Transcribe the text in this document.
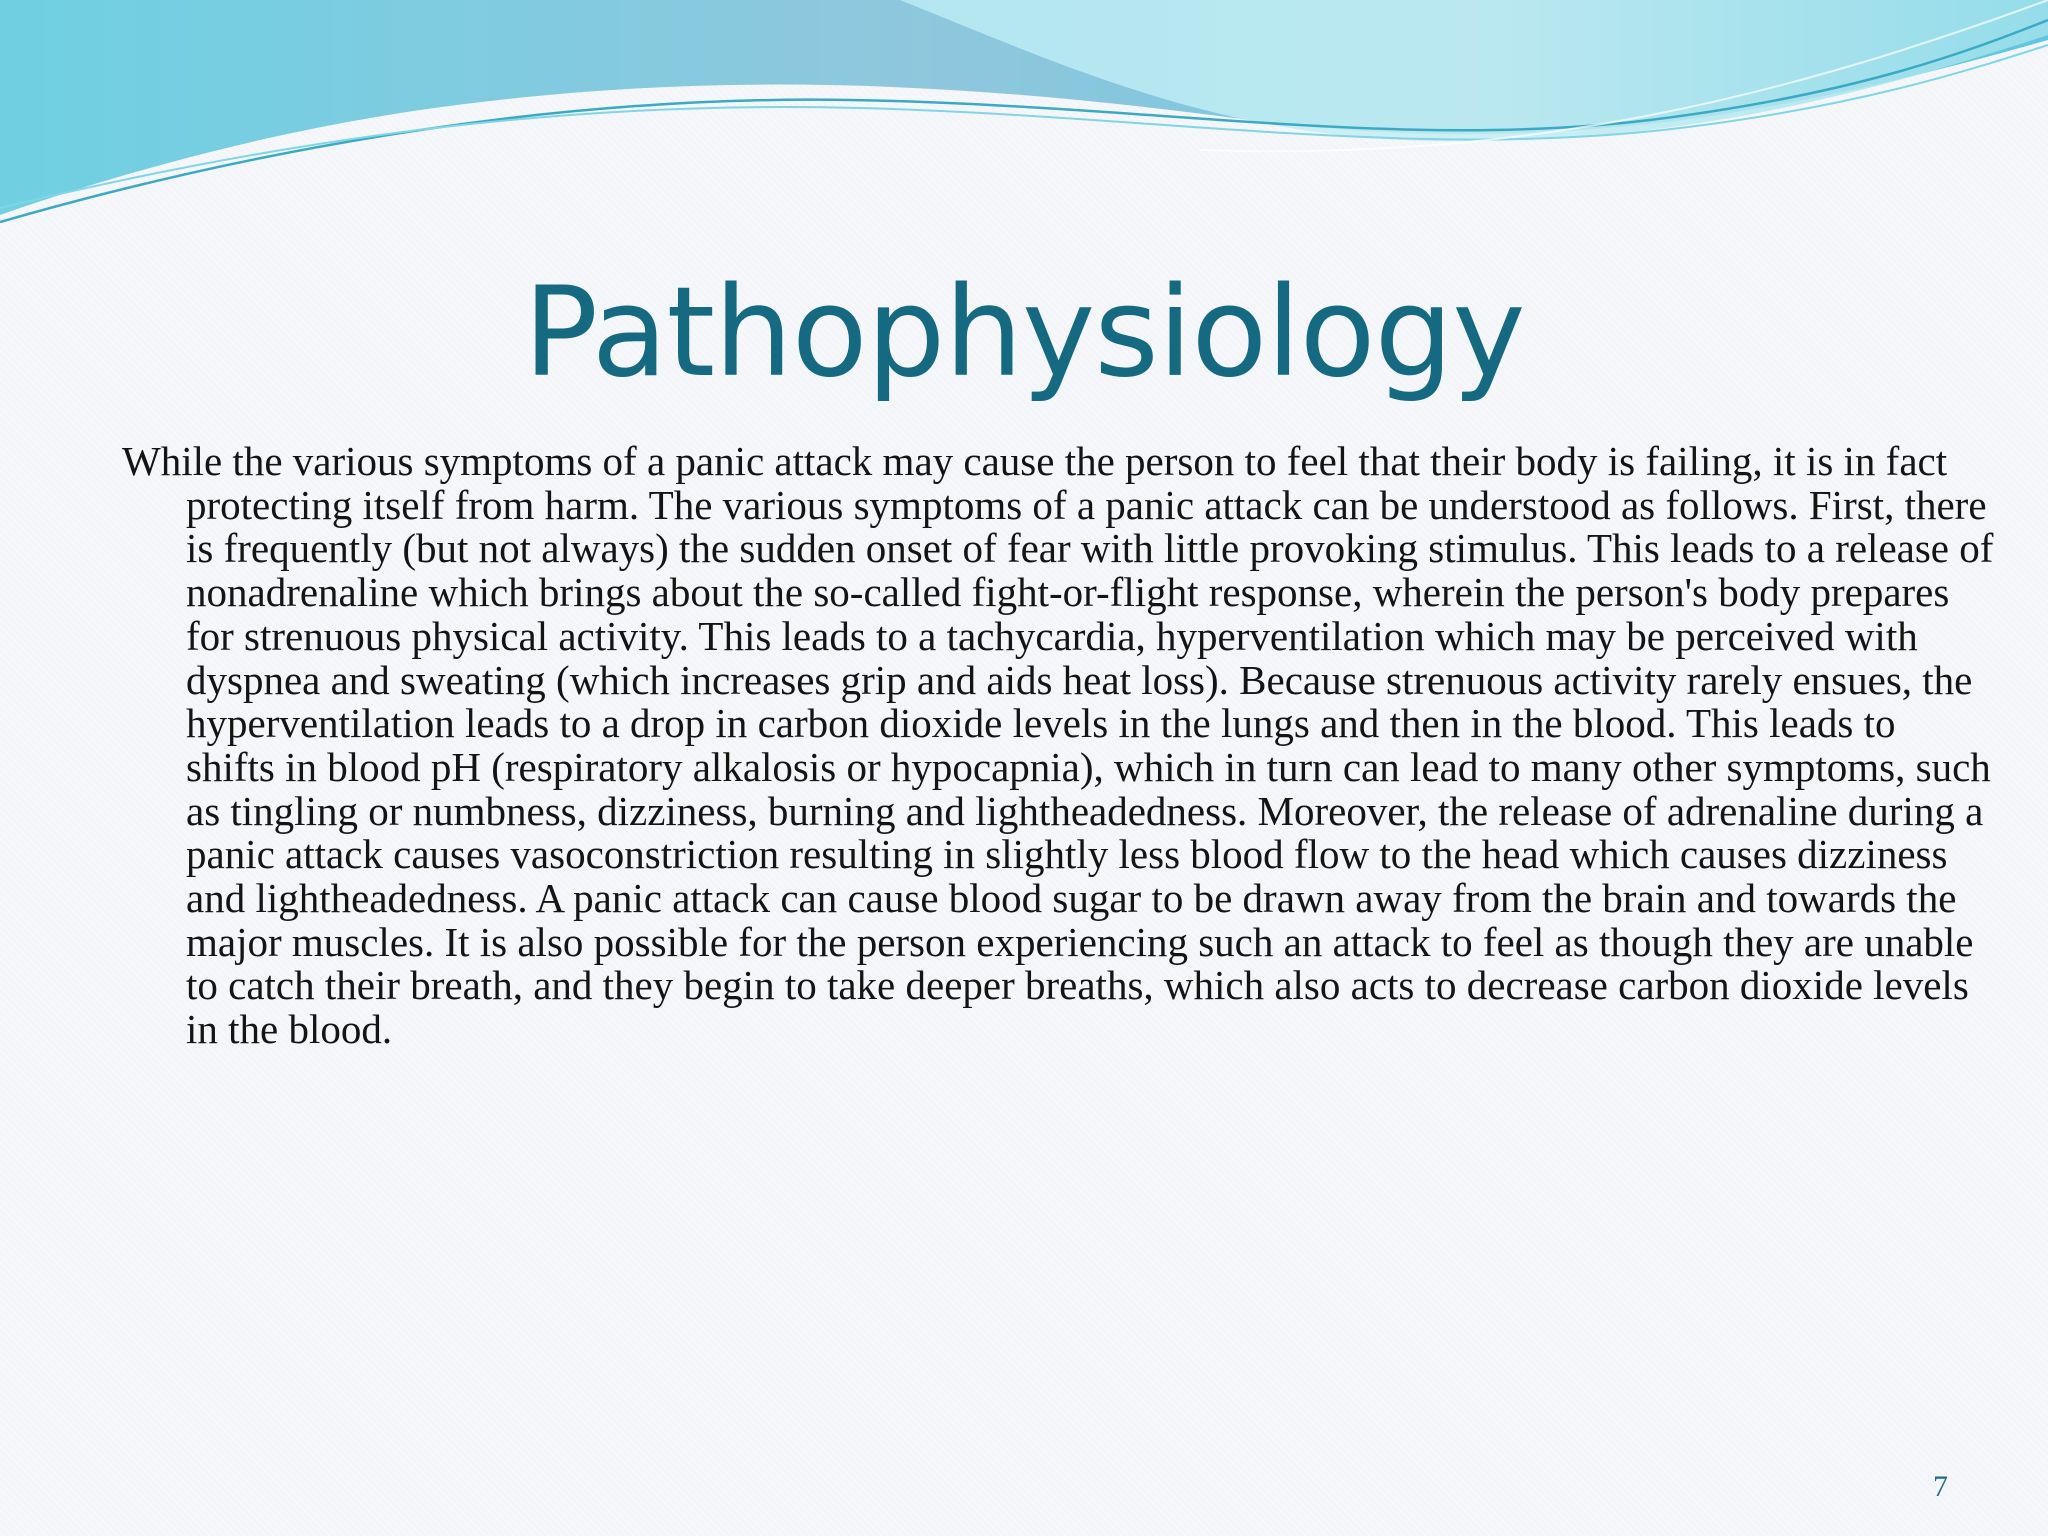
Pathophysiology

While the various symptoms of a panic attack may cause the person to feel that their body is failing, it is in fact protecting itself from harm. The various symptoms of a panic attack can be understood as follows. First, there is frequently (but not always) the sudden onset of fear with little provoking stimulus. This leads to a release of nonadrenaline which brings about the so-called fight-or-flight response, wherein the person's body prepares for strenuous physical activity. This leads to a tachycardia, hyperventilation which may be perceived with dyspnea and sweating (which increases grip and aids heat loss). Because strenuous activity rarely ensues, the hyperventilation leads to a drop in carbon dioxide levels in the lungs and then in the blood. This leads to shifts in blood pH (respiratory alkalosis or hypocapnia), which in turn can lead to many other symptoms, such as tingling or numbness, dizziness, burning and lightheadedness. Moreover, the release of adrenaline during a panic attack causes vasoconstriction resulting in slightly less blood flow to the head which causes dizziness and lightheadedness. A panic attack can cause blood sugar to be drawn away from the brain and towards the major muscles. It is also possible for the person experiencing such an attack to feel as though they are unable to catch their breath, and they begin to take deeper breaths, which also acts to decrease carbon dioxide levels in the blood.

7
